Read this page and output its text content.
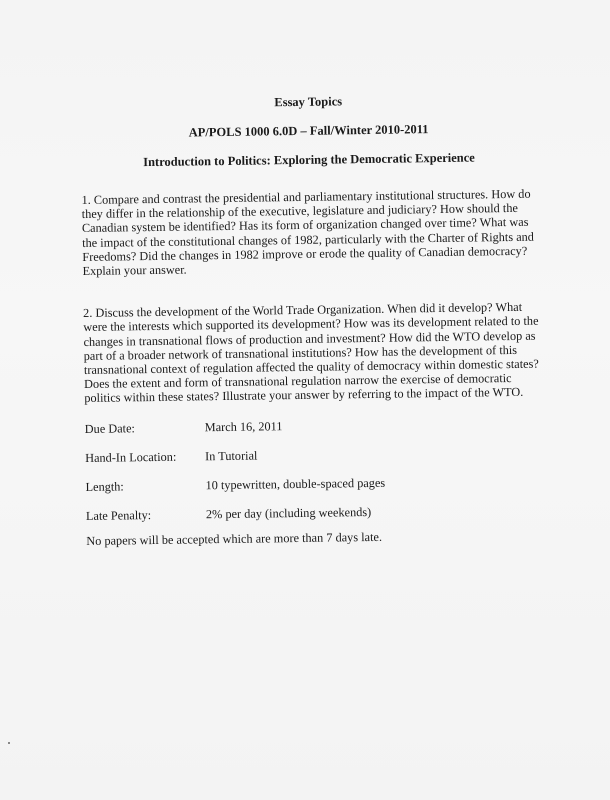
Essay Topics
AP/POLS 1000 6.0D – Fall/Winter 2010-2011
Introduction to Politics: Exploring the Democratic Experience

1. Compare and contrast the presidential and parliamentary institutional structures. How do they differ in the relationship of the executive, legislature and judiciary? How should the Canadian system be identified? Has its form of organization changed over time? What was the impact of the constitutional changes of 1982, particularly with the Charter of Rights and Freedoms? Did the changes in 1982 improve or erode the quality of Canadian democracy? Explain your answer.

2. Discuss the development of the World Trade Organization. When did it develop? What were the interests which supported its development? How was its development related to the changes in transnational flows of production and investment? How did the WTO develop as part of a broader network of transnational institutions? How has the development of this transnational context of regulation affected the quality of democracy within domestic states? Does the extent and form of transnational regulation narrow the exercise of democratic politics within these states? Illustrate your answer by referring to the impact of the WTO.

Due Date:	March 16, 2011
Hand-In Location:	In Tutorial
Length:	10 typewritten, double-spaced pages
Late Penalty:	2% per day (including weekends)
No papers will be accepted which are more than 7 days late.
